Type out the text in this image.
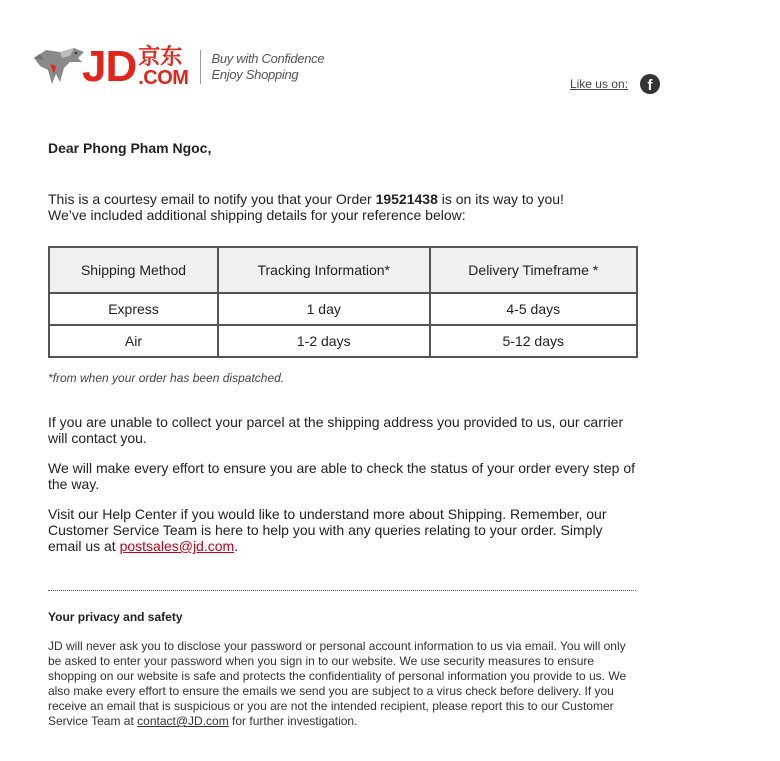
JD 京东
.COM
Buy with Confidence
Enjoy Shopping
Like us on:	f

Dear Phong Pham Ngoc,

This is a courtesy email to notify you that your Order 19521438 is on its way to you!
We’ve included additional shipping details for your reference below:

Shipping Method	Tracking Information*	Delivery Timeframe *
Express	1 day	4-5 days
Air	1-2 days	5-12 days

*from when your order has been dispatched.

If you are unable to collect your parcel at the shipping address you provided to us, our carrier will contact you.

We will make every effort to ensure you are able to check the status of your order every step of the way.

Visit our Help Center if you would like to understand more about Shipping. Remember, our Customer Service Team is here to help you with any queries relating to your order. Simply email us at postsales@jd.com.

Your privacy and safety

JD will never ask you to disclose your password or personal account information to us via email. You will only be asked to enter your password when you sign in to our website. We use security measures to ensure shopping on our website is safe and protects the confidentiality of personal information you provide to us. We also make every effort to ensure the emails we send you are subject to a virus check before delivery. If you receive an email that is suspicious or you are not the intended recipient, please report this to our Customer Service Team at contact@JD.com for further investigation.
